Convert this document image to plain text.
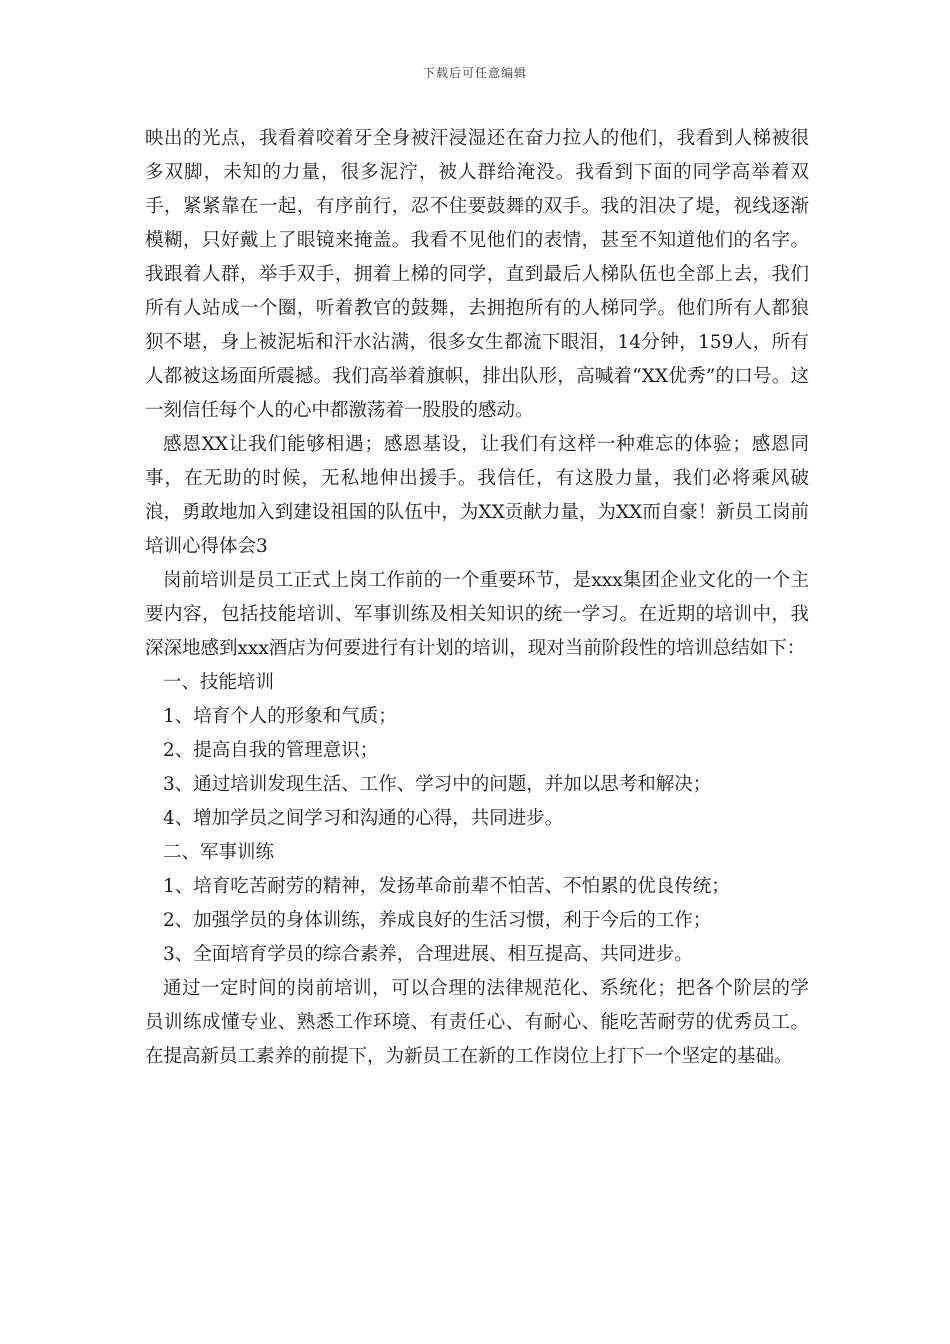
下载后可任意编辑

映出的光点，我看着咬着牙全身被汗浸湿还在奋力拉人的他们，我看到人梯被很多双脚，未知的力量，很多泥泞，被人群给淹没。我看到下面的同学高举着双手，紧紧靠在一起，有序前行，忍不住要鼓舞的双手。我的泪决了堤，视线逐渐模糊，只好戴上了眼镜来掩盖。我看不见他们的表情，甚至不知道他们的名字。我跟着人群，举手双手，拥着上梯的同学，直到最后人梯队伍也全部上去，我们所有人站成一个圈，听着教官的鼓舞，去拥抱所有的人梯同学。他们所有人都狼狈不堪，身上被泥垢和汗水沾满，很多女生都流下眼泪，14分钟，159人，所有人都被这场面所震撼。我们高举着旗帜，排出队形，高喊着“XX优秀”的口号。这一刻信任每个人的心中都激荡着一股股的感动。

感恩XX让我们能够相遇；感恩基设，让我们有这样一种难忘的体验；感恩同事，在无助的时候，无私地伸出援手。我信任，有这股力量，我们必将乘风破浪，勇敢地加入到建设祖国的队伍中，为XX贡献力量，为XX而自豪！新员工岗前培训心得体会3

岗前培训是员工正式上岗工作前的一个重要环节，是xxx集团企业文化的一个主要内容，包括技能培训、军事训练及相关知识的统一学习。在近期的培训中，我深深地感到xxx酒店为何要进行有计划的培训，现对当前阶段性的培训总结如下：

一、技能培训

1、培育个人的形象和气质；

2、提高自我的管理意识；

3、通过培训发现生活、工作、学习中的问题，并加以思考和解决；

4、增加学员之间学习和沟通的心得，共同进步。

二、军事训练

1、培育吃苦耐劳的精神，发扬革命前辈不怕苦、不怕累的优良传统；

2、加强学员的身体训练，养成良好的生活习惯，利于今后的工作；

3、全面培育学员的综合素养，合理进展、相互提高、共同进步。

通过一定时间的岗前培训，可以合理的法律规范化、系统化；把各个阶层的学员训练成懂专业、熟悉工作环境、有责任心、有耐心、能吃苦耐劳的优秀员工。在提高新员工素养的前提下，为新员工在新的工作岗位上打下一个坚定的基础。
